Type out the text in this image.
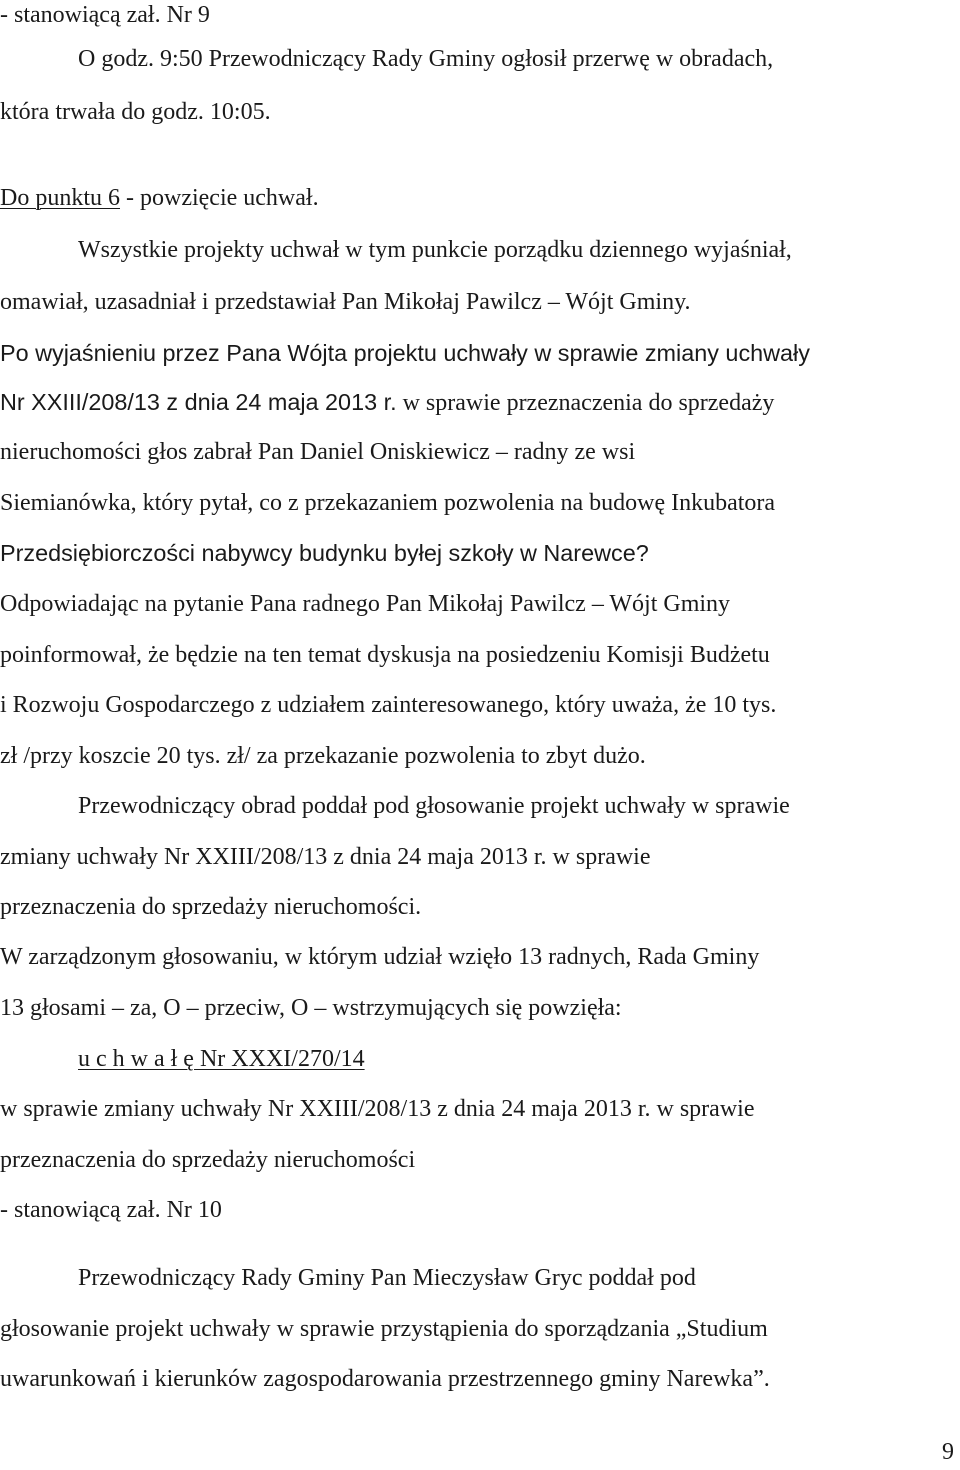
- stanowiącą zał. Nr 9
O godz. 9:50 Przewodniczący Rady Gminy ogłosił przerwę w obradach,
która trwała do godz. 10:05.
Do punktu 6 - powzięcie uchwał.
Wszystkie projekty uchwał w tym punkcie porządku dziennego wyjaśniał,
omawiał, uzasadniał i przedstawiał Pan Mikołaj Pawilcz – Wójt Gminy.
Po wyjaśnieniu przez Pana Wójta projektu uchwały w sprawie zmiany uchwały
Nr XXIII/208/13 z dnia 24 maja 2013 r. w sprawie przeznaczenia do sprzedaży
nieruchomości głos zabrał Pan Daniel Oniskiewicz – radny ze wsi
Siemianówka, który pytał, co z przekazaniem pozwolenia na budowę Inkubatora
Przedsiębiorczości nabywcy budynku byłej szkoły w Narewce?
Odpowiadając na pytanie Pana radnego Pan Mikołaj Pawilcz – Wójt Gminy
poinformował, że będzie na ten temat dyskusja na posiedzeniu Komisji Budżetu
i Rozwoju Gospodarczego z udziałem zainteresowanego, który uważa, że 10 tys.
zł /przy koszcie 20 tys. zł/ za przekazanie pozwolenia to zbyt dużo.
Przewodniczący obrad poddał pod głosowanie projekt uchwały w sprawie
zmiany uchwały Nr XXIII/208/13 z dnia 24 maja 2013 r. w sprawie
przeznaczenia do sprzedaży nieruchomości.
W zarządzonym głosowaniu, w którym udział wzięło 13 radnych, Rada Gminy
13 głosami – za, O – przeciw, O – wstrzymujących się powzięła:
u c h w a ł ę Nr XXXI/270/14
w sprawie zmiany uchwały Nr XXIII/208/13 z dnia 24 maja 2013 r. w sprawie
przeznaczenia do sprzedaży nieruchomości
- stanowiącą zał. Nr 10
Przewodniczący Rady Gminy Pan Mieczysław Gryc poddał pod
głosowanie projekt uchwały w sprawie przystąpienia do sporządzania „Studium
uwarunkowań i kierunków zagospodarowania przestrzennego gminy Narewka”.
9
